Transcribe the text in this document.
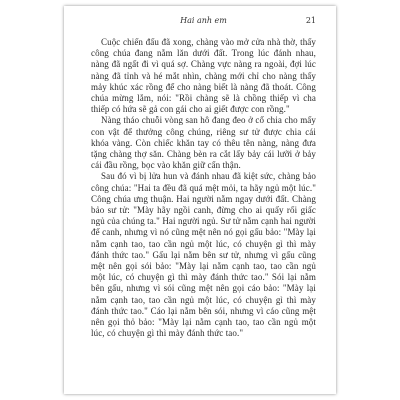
Hai anh em	21

Cuộc chiến đấu đã xong, chàng vào mở cửa nhà thờ, thấy công chúa đang nằm lăn dưới đất. Trong lúc đánh nhau, nàng đã ngất đi vì quá sợ. Chàng vực nàng ra ngoài, đợi lúc nàng đã tỉnh và hé mắt nhìn, chàng mới chỉ cho nàng thấy mảy khúc xác rồng để cho nàng biết là nàng đã thoát. Công chúa mừng lắm, nói: "Rồi chàng sẽ là chồng thiếp vì cha thiếp có hứa sẽ gả con gái cho ai giết được con rồng."

Nàng tháo chuỗi vòng san hô đang đeo ở cổ chia cho mấy con vật để thưởng công chúng, riêng sư tử được chia cái khóa vàng. Còn chiếc khăn tay có thêu tên nàng, nàng đưa tặng chàng thợ săn. Chàng bèn ra cắt lấy bảy cái lưỡi ở bảy cái đầu rồng, bọc vào khăn giữ cẩn thận.

Sau đó vì bị lửa hun và đánh nhau đã kiệt sức, chàng bảo công chúa: "Hai ta đều đã quá mệt mỏi, ta hãy ngủ một lúc." Công chúa ưng thuận. Hai người nằm ngay dưới đất. Chàng bảo sư tử: "Mày hãy ngồi canh, đừng cho ai quấy rối giấc ngủ của chúng ta." Hai người ngủ. Sư tử nằm cạnh hai người để canh, nhưng vì nó cũng mệt nên nó gọi gấu bảo: "Mày lại nằm cạnh tao, tao cần ngủ một lúc, có chuyện gì thì mày đánh thức tao." Gấu lại nằm bên sư tử, nhưng vì gấu cũng mệt nên gọi sói bảo: "Mày lại nằm cạnh tao, tao cần ngủ một lúc, có chuyện gì thì mày đánh thức tao." Sói lại nằm bên gấu, nhưng vì sói cũng mệt nên gọi cáo bảo: "Mày lại nằm cạnh tao, tao cần ngủ một lúc, có chuyện gì thì mày đánh thức tao." Cáo lại nằm bên sói, nhưng vì cáo cũng mệt nên gọi thỏ bảo: "Mày lại nằm cạnh tao, tao cần ngủ một lúc, có chuyện gì thì mày đánh thức tao."
